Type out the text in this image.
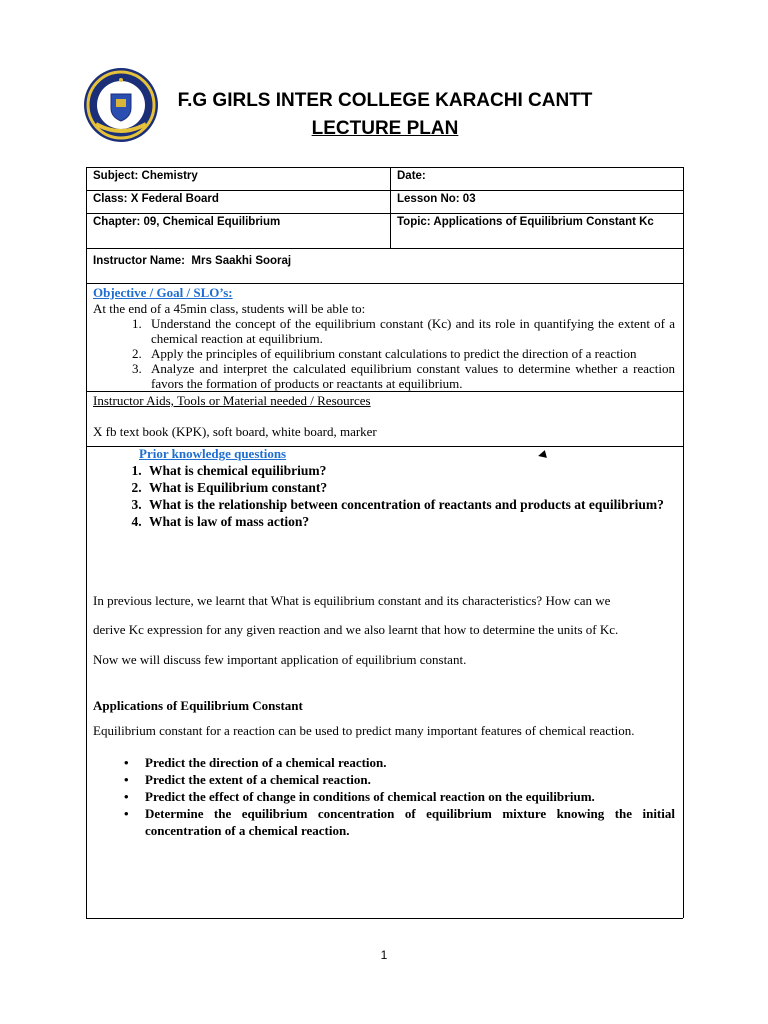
F.G GIRLS INTER COLLEGE KARACHI CANTT
LECTURE PLAN
Subject: Chemistry	Date:
Class: X Federal Board	Lesson No: 03
Chapter: 09, Chemical Equilibrium	Topic: Applications of Equilibrium Constant Kc
Instructor Name:  Mrs Saakhi Sooraj
Objective / Goal / SLO’s:
At the end of a 45min class, students will be able to:
1. Understand the concept of the equilibrium constant (Kc) and its role in quantifying the extent of a chemical reaction at equilibrium.
2. Apply the principles of equilibrium constant calculations to predict the direction of a reaction
3. Analyze and interpret the calculated equilibrium constant values to determine whether a reaction favors the formation of products or reactants at equilibrium.
Instructor Aids, Tools or Material needed / Resources
X fb text book (KPK), soft board, white board, marker
Prior knowledge questions
1. What is chemical equilibrium?
2. What is Equilibrium constant?
3. What is the relationship between concentration of reactants and products at equilibrium?
4. What is law of mass action?
In previous lecture, we learnt that What is equilibrium constant and its characteristics? How can we
derive Kc expression for any given reaction and we also learnt that how to determine the units of Kc.
Now we will discuss few important application of equilibrium constant.
Applications of Equilibrium Constant
Equilibrium constant for a reaction can be used to predict many important features of chemical reaction.
• Predict the direction of a chemical reaction.
• Predict the extent of a chemical reaction.
• Predict the effect of change in conditions of chemical reaction on the equilibrium.
• Determine the equilibrium concentration of equilibrium mixture knowing the initial concentration of a chemical reaction.
1
